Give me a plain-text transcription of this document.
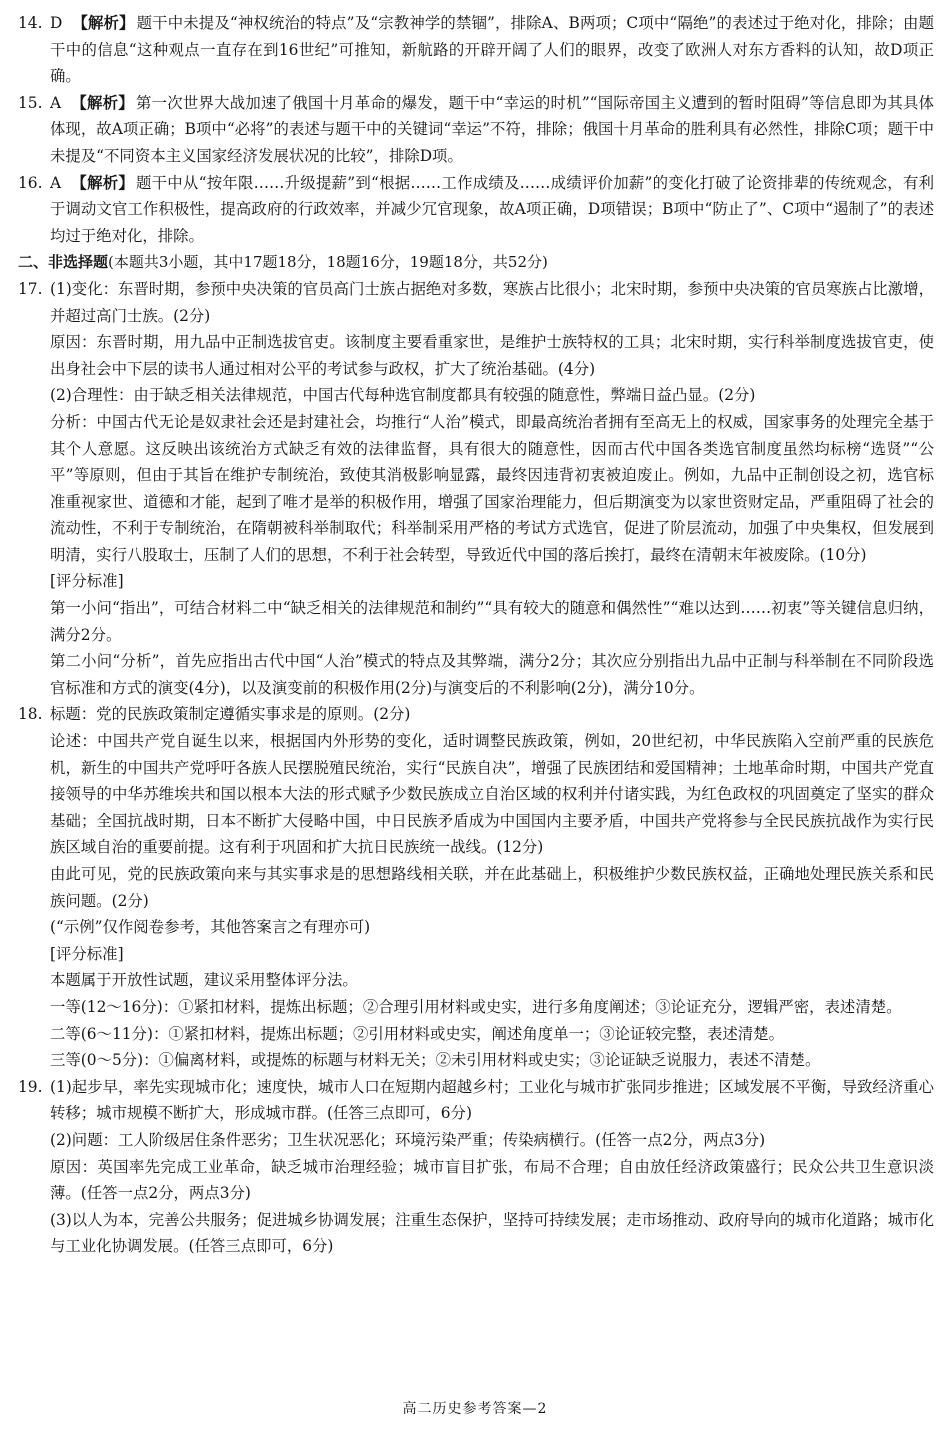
14. D 【解析】 题干中未提及“神权统治的特点”及“宗教神学的禁锢”，排除A、B两项；C项中“隔绝”的表述过于绝对化，排除；由题干中的信息“这种观点一直存在到16世纪”可推知，新航路的开辟开阔了人们的眼界，改变了欧洲人对东方香料的认知，故D项正确。

15. A 【解析】 第一次世界大战加速了俄国十月革命的爆发，题干中“幸运的时机”“国际帝国主义遭到的暂时阻碍”等信息即为其具体体现，故A项正确；B项中“必将”的表述与题干中的关键词“幸运”不符，排除；俄国十月革命的胜利具有必然性，排除C项；题干中未提及“不同资本主义国家经济发展状况的比较”，排除D项。

16. A 【解析】 题干中从“按年限……升级提薪”到“根据……工作成绩及……成绩评价加薪”的变化打破了论资排辈的传统观念，有利于调动文官工作积极性，提高政府的行政效率，并减少冗官现象，故A项正确，D项错误；B项中“防止了”、C项中“遏制了”的表述均过于绝对化，排除。

二、非选择题(本题共3小题，其中17题18分，18题16分，19题18分，共52分)

17. (1)变化：东晋时期，参预中央决策的官员高门士族占据绝对多数，寒族占比很小；北宋时期，参预中央决策的官员寒族占比激增，并超过高门士族。(2分)

原因：东晋时期，用九品中正制选拔官吏。该制度主要看重家世，是维护士族特权的工具；北宋时期，实行科举制度选拔官吏，使出身社会中下层的读书人通过相对公平的考试参与政权，扩大了统治基础。(4分)

(2)合理性：由于缺乏相关法律规范，中国古代每种选官制度都具有较强的随意性，弊端日益凸显。(2分)

分析：中国古代无论是奴隶社会还是封建社会，均推行“人治”模式，即最高统治者拥有至高无上的权威，国家事务的处理完全基于其个人意愿。这反映出该统治方式缺乏有效的法律监督，具有很大的随意性，因而古代中国各类选官制度虽然均标榜“选贤”“公平”等原则，但由于其旨在维护专制统治，致使其消极影响显露，最终因违背初衷被迫废止。例如，九品中正制创设之初，选官标准重视家世、道德和才能，起到了唯才是举的积极作用，增强了国家治理能力，但后期演变为以家世资财定品，严重阻碍了社会的流动性，不利于专制统治，在隋朝被科举制取代；科举制采用严格的考试方式选官，促进了阶层流动，加强了中央集权，但发展到明清，实行八股取士，压制了人们的思想，不利于社会转型，导致近代中国的落后挨打，最终在清朝末年被废除。(10分)

[评分标准]

第一小问“指出”，可结合材料二中“缺乏相关的法律规范和制约”“具有较大的随意和偶然性”“难以达到……初衷”等关键信息归纳，满分2分。

第二小问“分析”，首先应指出古代中国“人治”模式的特点及其弊端，满分2分；其次应分别指出九品中正制与科举制在不同阶段选官标准和方式的演变(4分)，以及演变前的积极作用(2分)与演变后的不利影响(2分)，满分10分。

18. 标题：党的民族政策制定遵循实事求是的原则。(2分)

论述：中国共产党自诞生以来，根据国内外形势的变化，适时调整民族政策，例如，20世纪初，中华民族陷入空前严重的民族危机，新生的中国共产党呼吁各族人民摆脱殖民统治，实行“民族自决”，增强了民族团结和爱国精神；土地革命时期，中国共产党直接领导的中华苏维埃共和国以根本大法的形式赋予少数民族成立自治区域的权利并付诸实践，为红色政权的巩固奠定了坚实的群众基础；全国抗战时期，日本不断扩大侵略中国，中日民族矛盾成为中国国内主要矛盾，中国共产党将参与全民民族抗战作为实行民族区域自治的重要前提。这有利于巩固和扩大抗日民族统一战线。(12分)

由此可见，党的民族政策向来与其实事求是的思想路线相关联，并在此基础上，积极维护少数民族权益，正确地处理民族关系和民族问题。(2分)

(“示例”仅作阅卷参考，其他答案言之有理亦可)

[评分标准]

本题属于开放性试题，建议采用整体评分法。

一等(12～16分)：①紧扣材料，提炼出标题；②合理引用材料或史实，进行多角度阐述；③论证充分，逻辑严密，表述清楚。

二等(6～11分)：①紧扣材料，提炼出标题；②引用材料或史实，阐述角度单一；③论证较完整，表述清楚。

三等(0～5分)：①偏离材料，或提炼的标题与材料无关；②未引用材料或史实；③论证缺乏说服力，表述不清楚。

19. (1)起步早，率先实现城市化；速度快，城市人口在短期内超越乡村；工业化与城市扩张同步推进；区域发展不平衡，导致经济重心转移；城市规模不断扩大，形成城市群。(任答三点即可，6分)

(2)问题：工人阶级居住条件恶劣；卫生状况恶化；环境污染严重；传染病横行。(任答一点2分，两点3分)

原因：英国率先完成工业革命，缺乏城市治理经验；城市盲目扩张，布局不合理；自由放任经济政策盛行；民众公共卫生意识淡薄。(任答一点2分，两点3分)

(3)以人为本，完善公共服务；促进城乡协调发展；注重生态保护，坚持可持续发展；走市场推动、政府导向的城市化道路；城市化与工业化协调发展。(任答三点即可，6分)

高二历史参考答案—2
